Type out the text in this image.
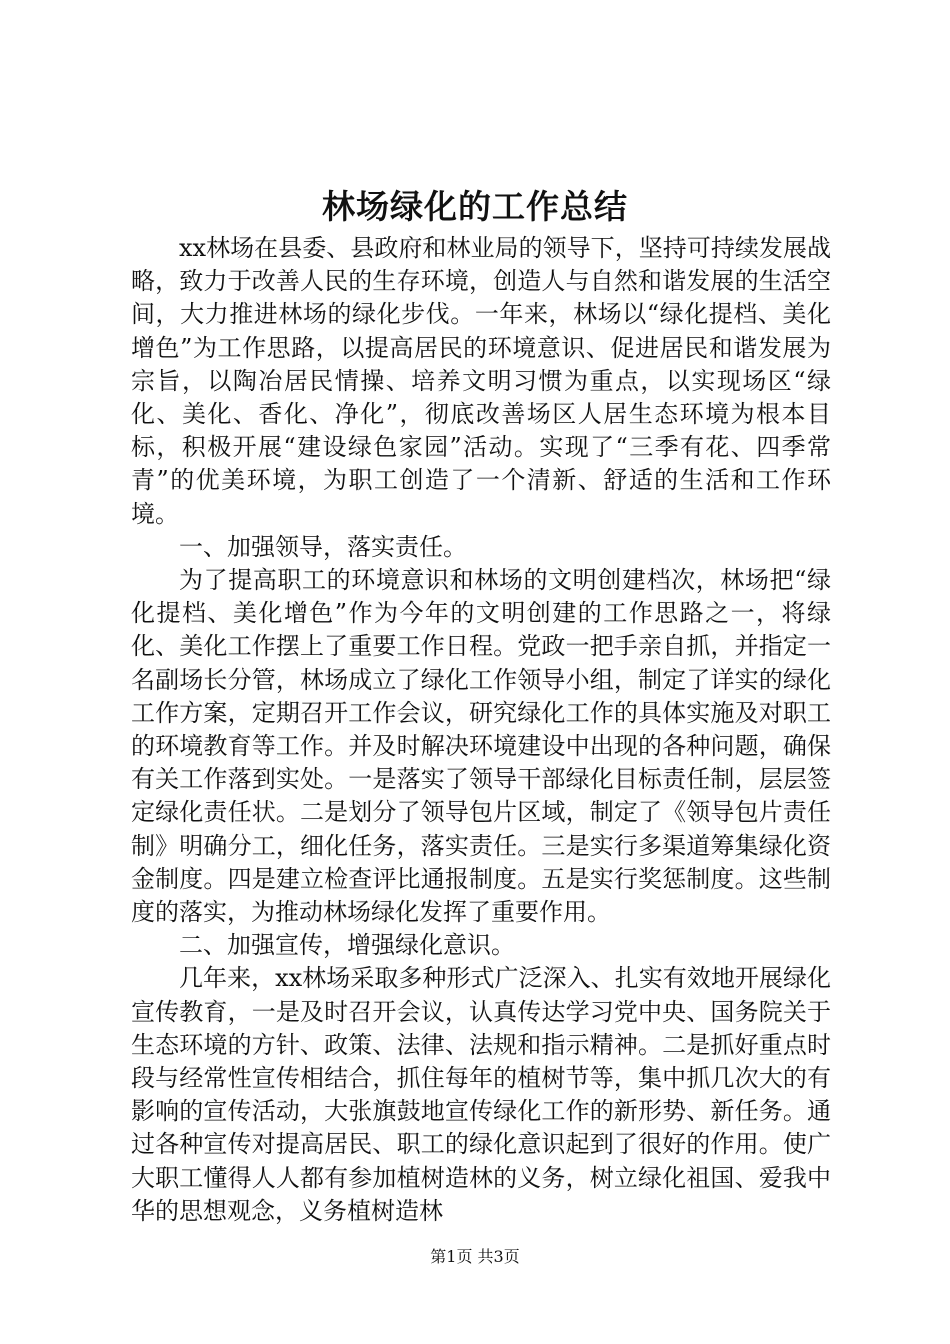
林场绿化的工作总结

xx林场在县委、县政府和林业局的领导下，坚持可持续发展战略，致力于改善人民的生存环境，创造人与自然和谐发展的生活空间，大力推进林场的绿化步伐。一年来，林场以“绿化提档、美化增色”为工作思路，以提高居民的环境意识、促进居民和谐发展为宗旨，以陶冶居民情操、培养文明习惯为重点，以实现场区“绿化、美化、香化、净化”，彻底改善场区人居生态环境为根本目标，积极开展“建设绿色家园”活动。实现了“三季有花、四季常青”的优美环境，为职工创造了一个清新、舒适的生活和工作环境。

一、加强领导，落实责任。

为了提高职工的环境意识和林场的文明创建档次，林场把“绿化提档、美化增色”作为今年的文明创建的工作思路之一，将绿化、美化工作摆上了重要工作日程。党政一把手亲自抓，并指定一名副场长分管，林场成立了绿化工作领导小组，制定了详实的绿化工作方案，定期召开工作会议，研究绿化工作的具体实施及对职工的环境教育等工作。并及时解决环境建设中出现的各种问题，确保有关工作落到实处。一是落实了领导干部绿化目标责任制，层层签定绿化责任状。二是划分了领导包片区域，制定了《领导包片责任制》明确分工，细化任务，落实责任。三是实行多渠道筹集绿化资金制度。四是建立检查评比通报制度。五是实行奖惩制度。这些制度的落实，为推动林场绿化发挥了重要作用。

二、加强宣传，增强绿化意识。

几年来，xx林场采取多种形式广泛深入、扎实有效地开展绿化宣传教育，一是及时召开会议，认真传达学习党中央、国务院关于生态环境的方针、政策、法律、法规和指示精神。二是抓好重点时段与经常性宣传相结合，抓住每年的植树节等，集中抓几次大的有影响的宣传活动，大张旗鼓地宣传绿化工作的新形势、新任务。通过各种宣传对提高居民、职工的绿化意识起到了很好的作用。使广大职工懂得人人都有参加植树造林的义务，树立绿化祖国、爱我中华的思想观念，义务植树造林

第1页 共3页
